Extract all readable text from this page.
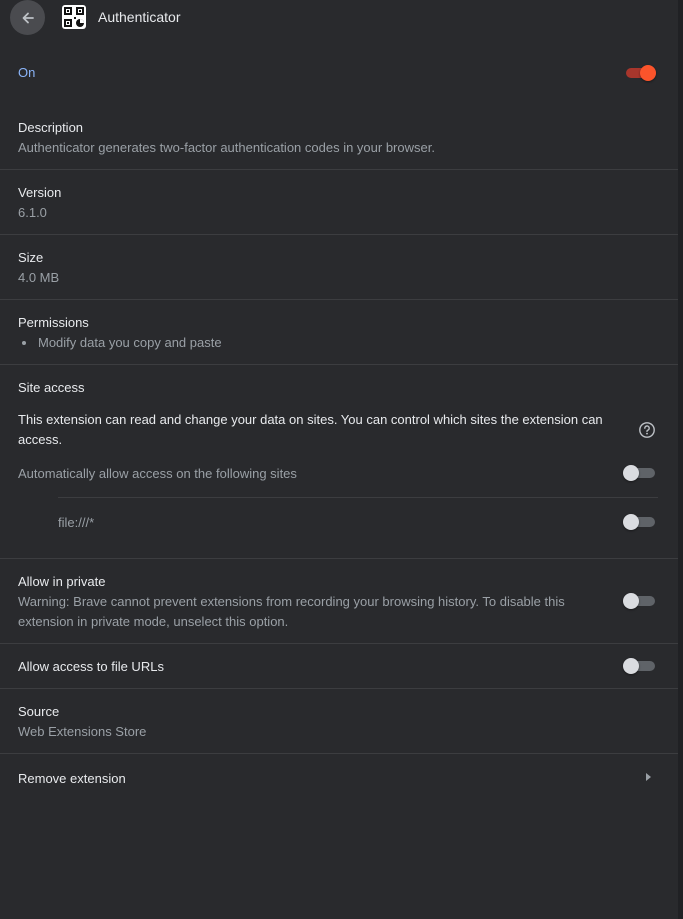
Authenticator
On
Description
Authenticator generates two-factor authentication codes in your browser.
Version
6.1.0
Size
4.0 MB
Permissions
Modify data you copy and paste
Site access
This extension can read and change your data on sites. You can control which sites the extension can access.
Automatically allow access on the following sites
file:///*
Allow in private
Warning: Brave cannot prevent extensions from recording your browsing history. To disable this extension in private mode, unselect this option.
Allow access to file URLs
Source
Web Extensions Store
Remove extension
